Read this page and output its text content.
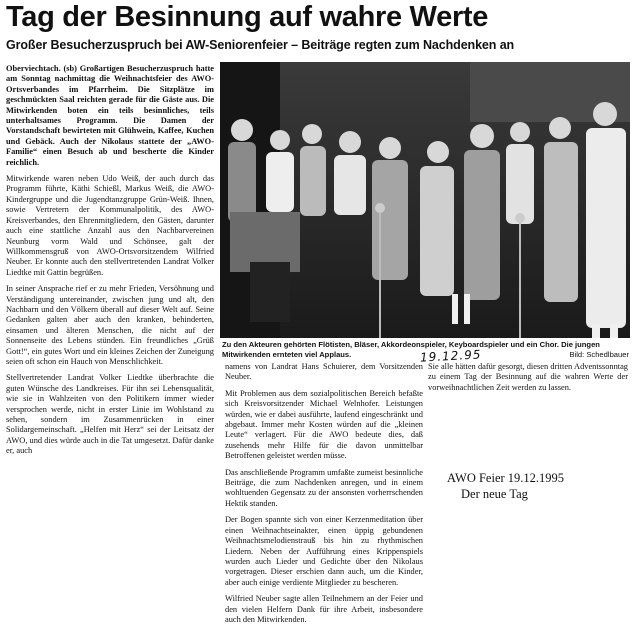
Tag der Besinnung auf wahre Werte
Großer Besucherzuspruch bei AW-Seniorenfeier – Beiträge regten zum Nachdenken an

Oberviechtach. (sb) Großartigen Besucherzuspruch hatte am Sonntag nachmittag die Weihnachtsfeier des AWO-Ortsverbandes im Pfarrheim. Die Sitzplätze im geschmückten Saal reichten gerade für die Gäste aus. Die Mitwirkenden boten ein teils besinnliches, teils unterhaltsames Programm. Die Damen der Vorstandschaft bewirteten mit Glühwein, Kaffee, Kuchen und Gebäck. Auch der Nikolaus stattete der „AWO-Familie“ einen Besuch ab und bescherte die Kinder reichlich.

Mitwirkende waren neben Udo Weiß, der auch durch das Programm führte, Käthi Schießl, Markus Weiß, die AWO-Kindergruppe und die Jugendtanzgruppe Grün-Weiß. Ihnen, sowie Vertretern der Kommunalpolitik, des AWO-Kreisverbandes, den Ehrenmitgliedern, den Gästen, darunter auch eine stattliche Anzahl aus den Nachbarvereinen Neunburg vorm Wald und Schönsee, galt der Willkommensgruß von AWO-Ortsvorsitzendem Wilfried Neuber. Er konnte auch den stellvertretenden Landrat Volker Liedtke mit Gattin begrüßen.

In seiner Ansprache rief er zu mehr Frieden, Versöhnung und Verständigung untereinander, zwischen jung und alt, den Nachbarn und den Völkern überall auf dieser Welt auf. Seine Gedanken galten aber auch den kranken, behinderten, einsamen und älteren Menschen, die nicht auf der Sonnenseite des Lebens stünden. Ein freundliches „Grüß Gott!“, ein gutes Wort und ein kleines Zeichen der Zuneigung seien oft schon ein Hauch von Menschlichkeit.

Stellvertretender Landrat Volker Liedtke überbrachte die guten Wünsche des Landkreises. Für ihn sei Lebensqualität, wie sie in Wahlzeiten von den Politikern immer wieder versprochen werde, nicht in erster Linie im Wohlstand zu sehen, sondern im Zusammenrücken in einer Solidargemeinschaft. „Helfen mit Herz“ sei der Leitsatz der AWO, und dies würde auch in die Tat umgesetzt. Dafür danke er, auch

Zu den Akteuren gehörten Flötisten, Bläser, Akkordeonspieler, Keyboardspieler und ein Chor. Die jungen Mitwirkenden ernteten viel Applaus.	Bild: Schedlbauer
19.12.95

namens von Landrat Hans Schuierer, dem Vorsitzenden Neuber.

Mit Problemen aus dem sozialpolitischen Bereich befaßte sich Kreisvorsitzender Michael Welnhofer. Leistungen würden, wie er dabei ausführte, laufend eingeschränkt und abgebaut. Immer mehr Kosten würden auf die „kleinen Leute“ verlagert. Für die AWO bedeute dies, daß zusehends mehr Hilfe für die davon unmittelbar Betroffenen geleistet werden müsse.

Das anschließende Programm umfaßte zumeist besinnliche Beiträge, die zum Nachdenken anregen, und in einem wohltuenden Gegensatz zu der ansonsten vorherrschenden Hektik standen.

Der Bogen spannte sich von einer Kerzenmeditation über einen Weihnachtseinakter, einen üppig gebundenen Weihnachtsmelodienstrauß bis hin zu rhythmischen Liedern. Neben der Aufführung eines Krippenspiels wurden auch Lieder und Gedichte über den Nikolaus vorgetragen. Dieser erschien dann auch, um die Kinder, aber auch einige verdiente Mitglieder zu bescheren.

Wilfried Neuber sagte allen Teilnehmern an der Feier und den vielen Helfern Dank für ihre Arbeit, insbesondere auch den Mitwirkenden.

Sie alle hätten dafür gesorgt, diesen dritten Adventssonntag zu einem Tag der Besinnung auf die wahren Werte der vorweihnachtlichen Zeit werden zu lassen.

AWO Feier 19.12.1995
Der neue Tag
